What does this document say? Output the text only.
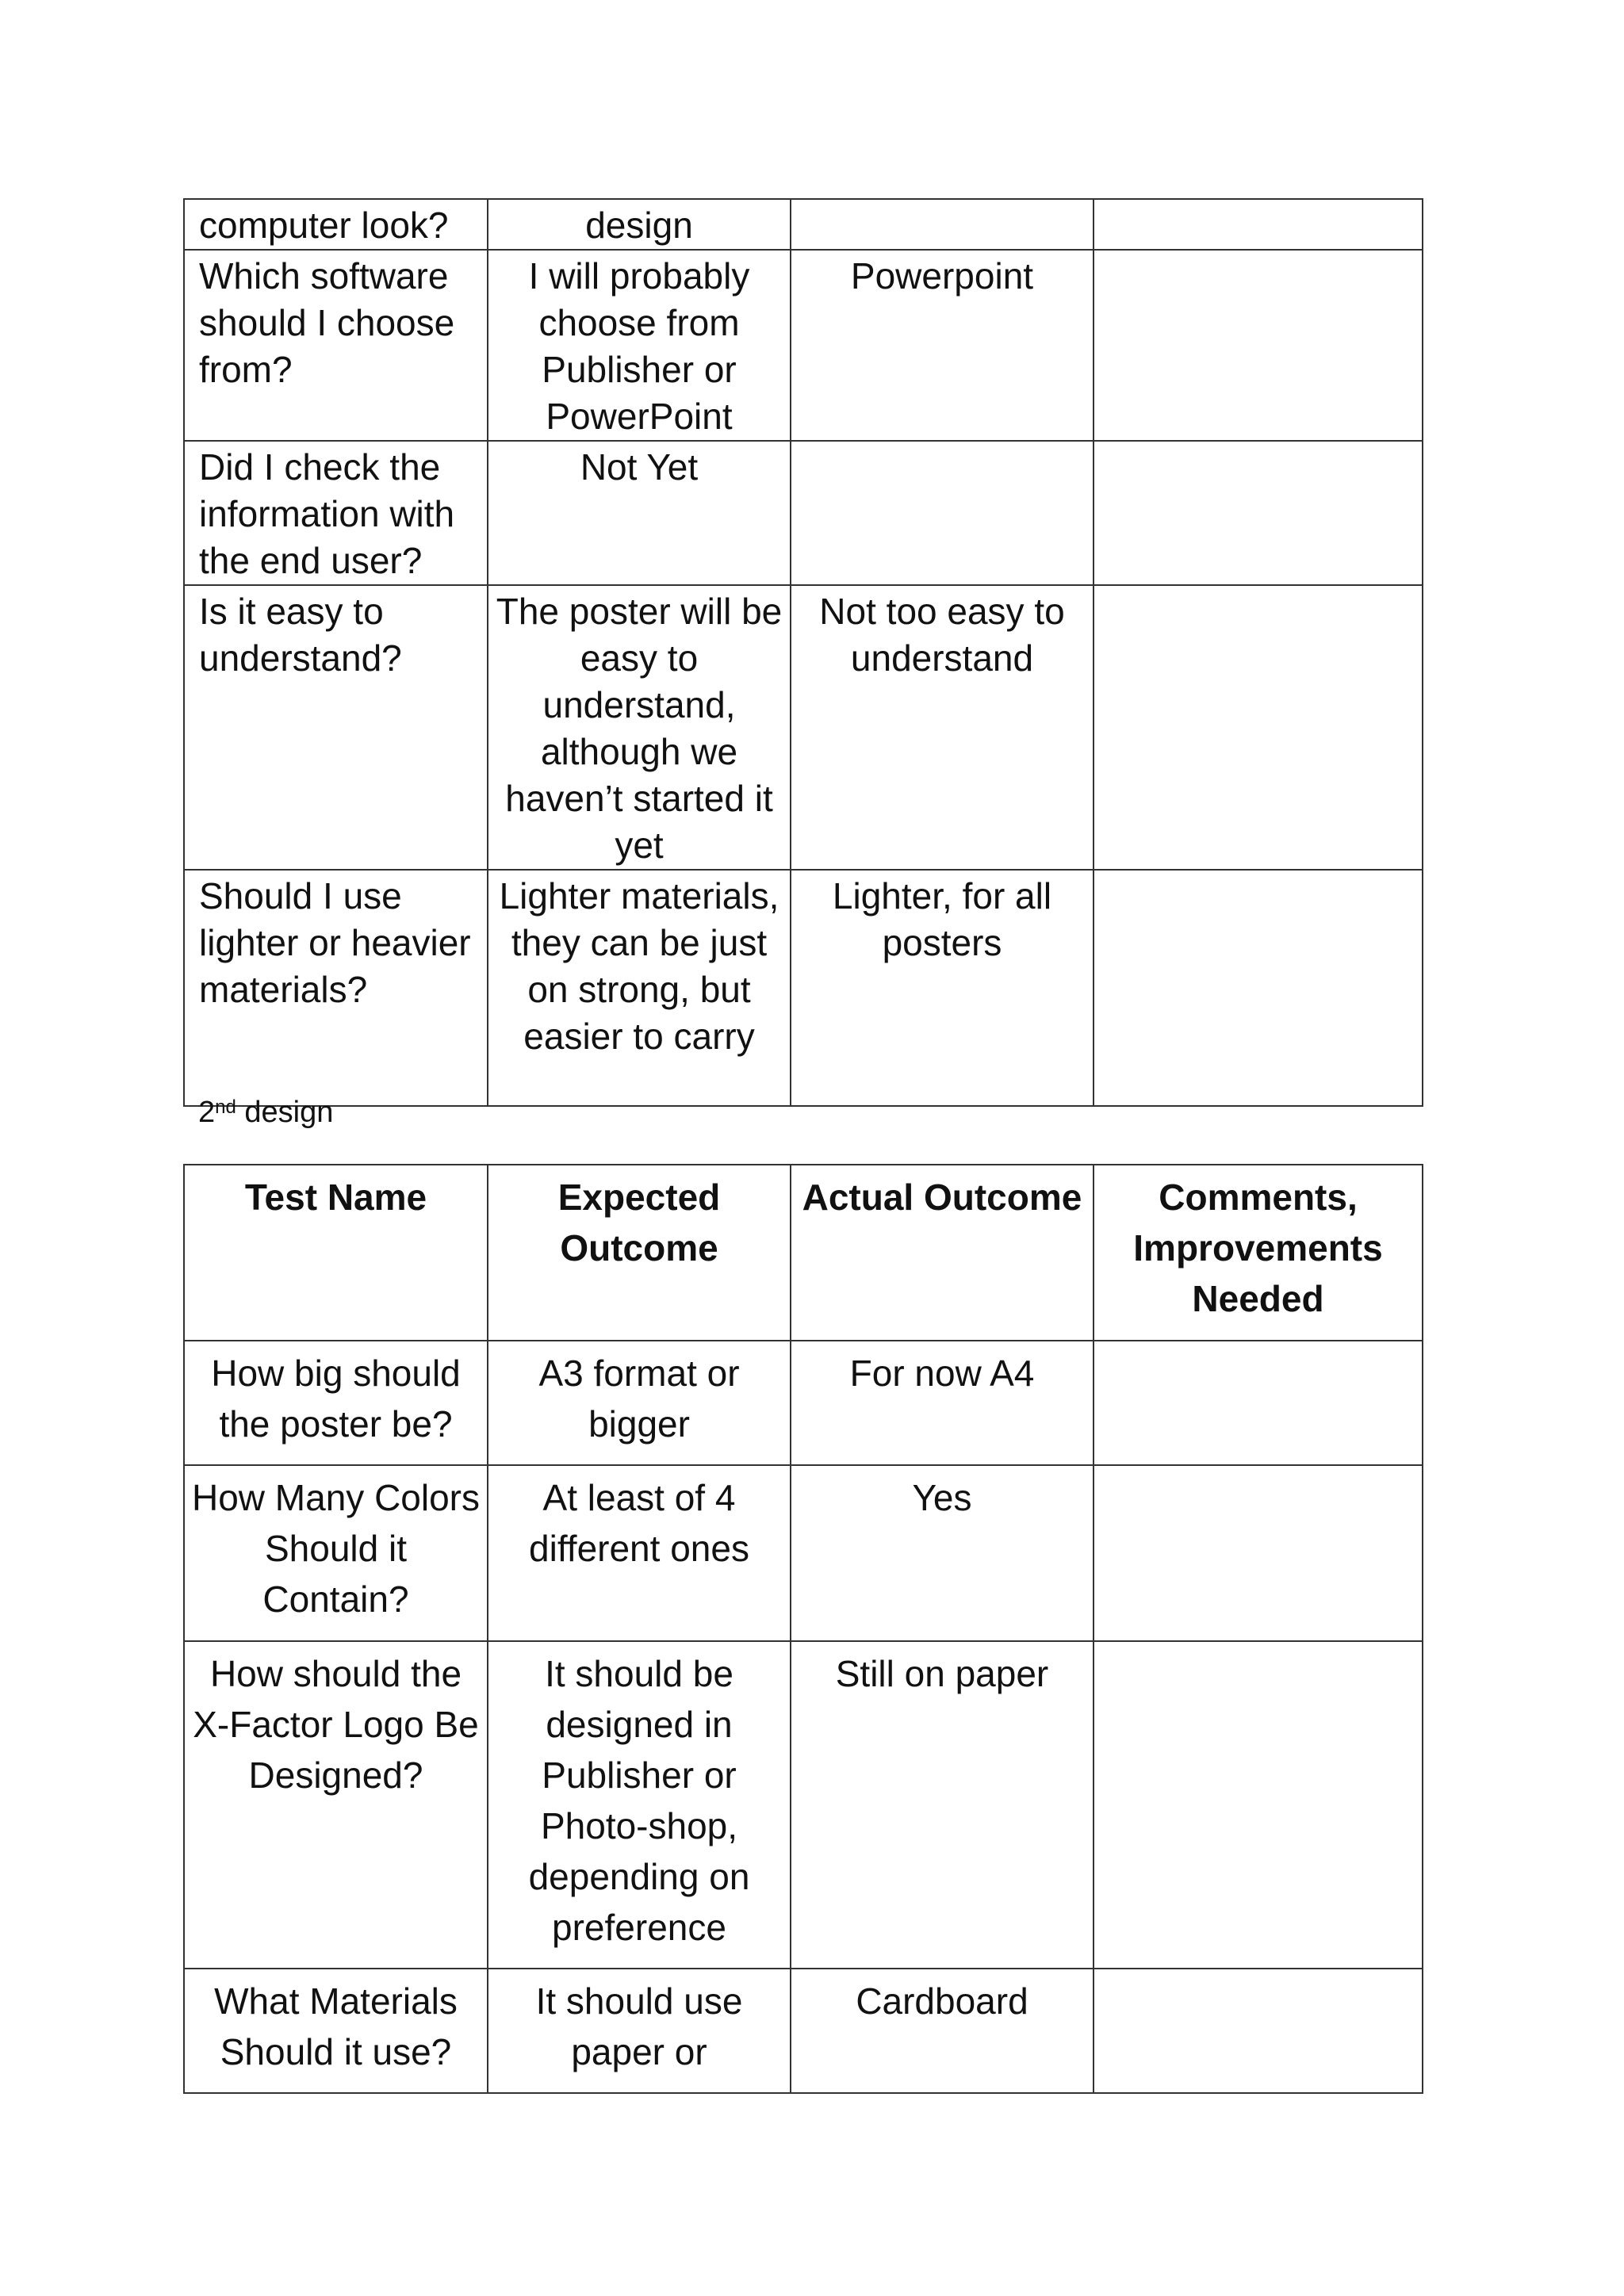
computer look?	design		
Which software should I choose from?	I will probably choose from Publisher or PowerPoint	Powerpoint	
Did I check the information with the end user?	Not Yet		
Is it easy to understand?	The poster will be easy to understand, although we haven’t started it yet	Not too easy to understand	
Should I use lighter or heavier materials?	Lighter materials, they can be just on strong, but easier to carry	Lighter, for all posters	
2nd design
Test Name	Expected Outcome	Actual Outcome	Comments, Improvements Needed
How big should the poster be?	A3 format or bigger	For now A4	
How Many Colors Should it Contain?	At least of 4 different ones	Yes	
How should the X-Factor Logo Be Designed?	It should be designed in Publisher or Photo-shop, depending on preference	Still on paper	
What Materials Should it use?	It should use paper or	Cardboard	
